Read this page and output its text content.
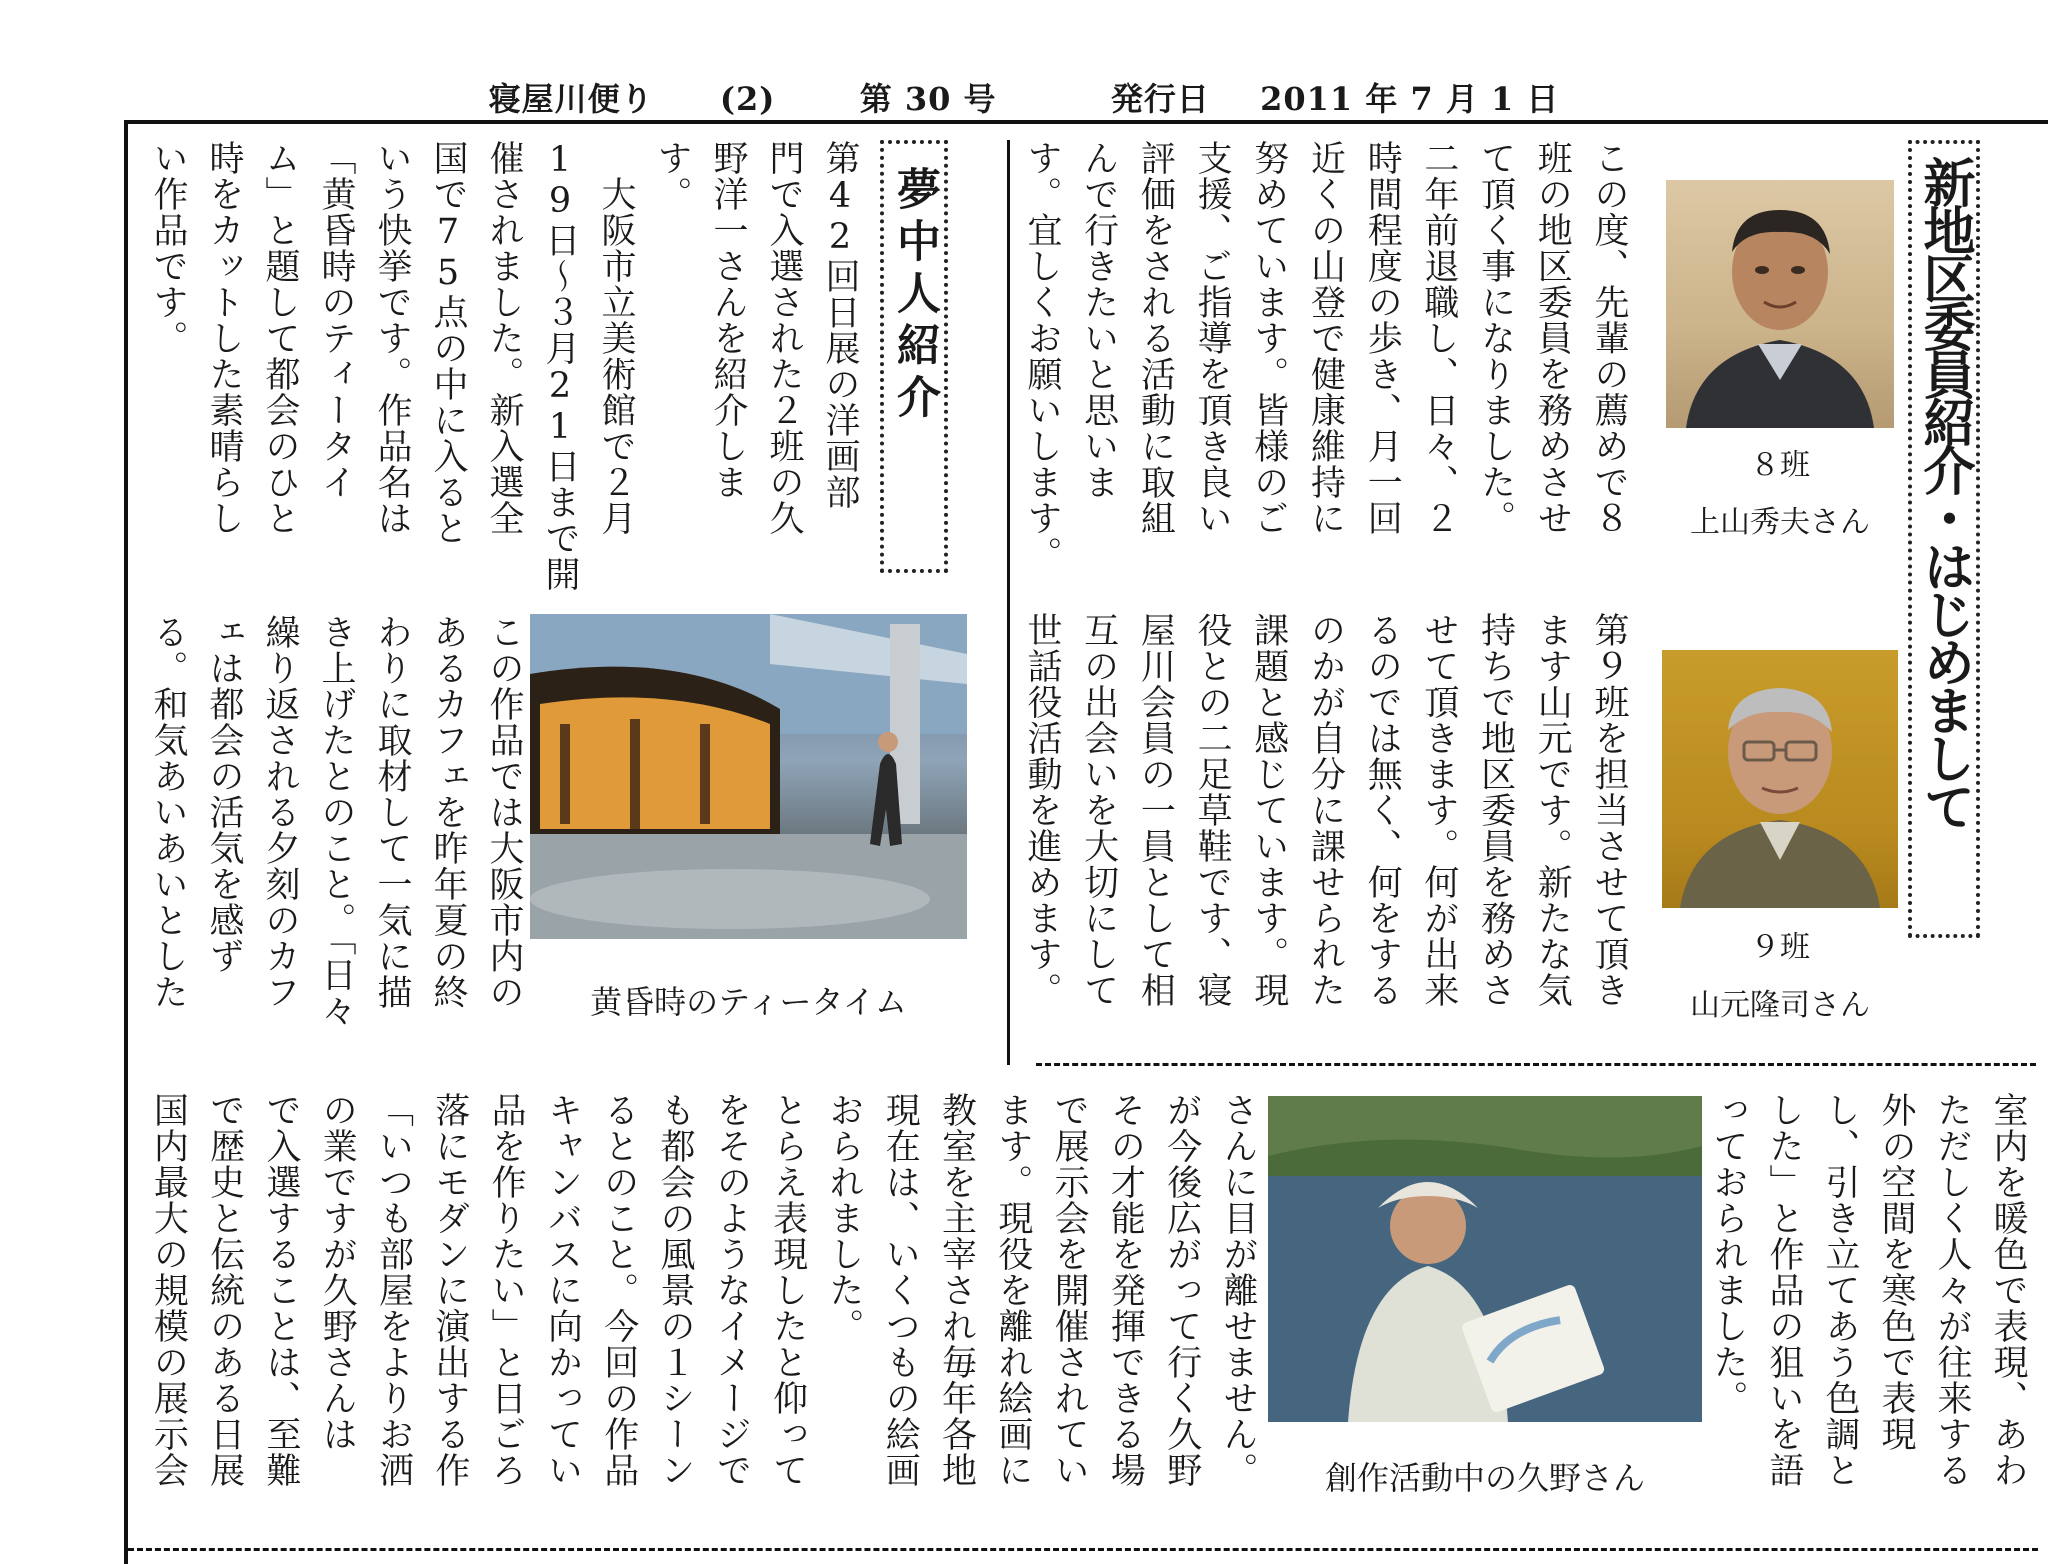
寝屋川便り (2)	第 30 号	発行日 2011 年 7 月 1 日
新地区委員紹介・はじめまして
８班
上山秀夫さん
９班
山元隆司さん
この度、先輩の薦めで８
班の地区委員を務めさせ
て頂く事になりました。
二年前退職し、日々、２
時間程度の歩き、月一回
近くの山登で健康維持に
努めています。皆様のご
支援、ご指導を頂き良い
評価をされる活動に取組
んで行きたいと思いま
す。宜しくお願いします。
第９班を担当させて頂き
ます山元です。新たな気
持ちで地区委員を務めさ
せて頂きます。何が出来
るのでは無く、何をする
のかが自分に課せられた
課題と感じています。現
役との二足草鞋です、寝
屋川会員の一員として相
互の出会いを大切にして
世話役活動を進めます。
夢中人紹介
第42回日展の洋画部
門で入選された２班の久
野洋一さんを紹介しま
す。
　大阪市立美術館で２月
19日～３月21日まで開
催されました。新入選全
国で75点の中に入ると
いう快挙です。作品名は
「黄昏時のティータイ
ム」と題して都会のひと
時をカットした素晴らし
い作品です。
黄昏時のティータイム
この作品では大阪市内の
あるカフェを昨年夏の終
わりに取材して一気に描
き上げたとのこと。「日々
繰り返される夕刻のカフ
ェは都会の活気を感ず
る。和気あいあいとした
室内を暖色で表現、あわ
ただしく人々が往来する
外の空間を寒色で表現
し、引き立てあう色調と
した」と作品の狙いを語
っておられました。
創作活動中の久野さん
さんに目が離せません。
が今後広がって行く久野
その才能を発揮できる場
で展示会を開催されてい
ます。現役を離れ絵画に
教室を主宰され毎年各地
現在は、いくつもの絵画
おられました。
とらえ表現したと仰って
をそのようなイメージで
も都会の風景の１シーン
るとのこと。今回の作品
キャンバスに向かってい
品を作りたい」と日ごろ
落にモダンに演出する作
「いつも部屋をよりお洒
の業ですが久野さんは
で入選することは、至難
で歴史と伝統のある日展
国内最大の規模の展示会
